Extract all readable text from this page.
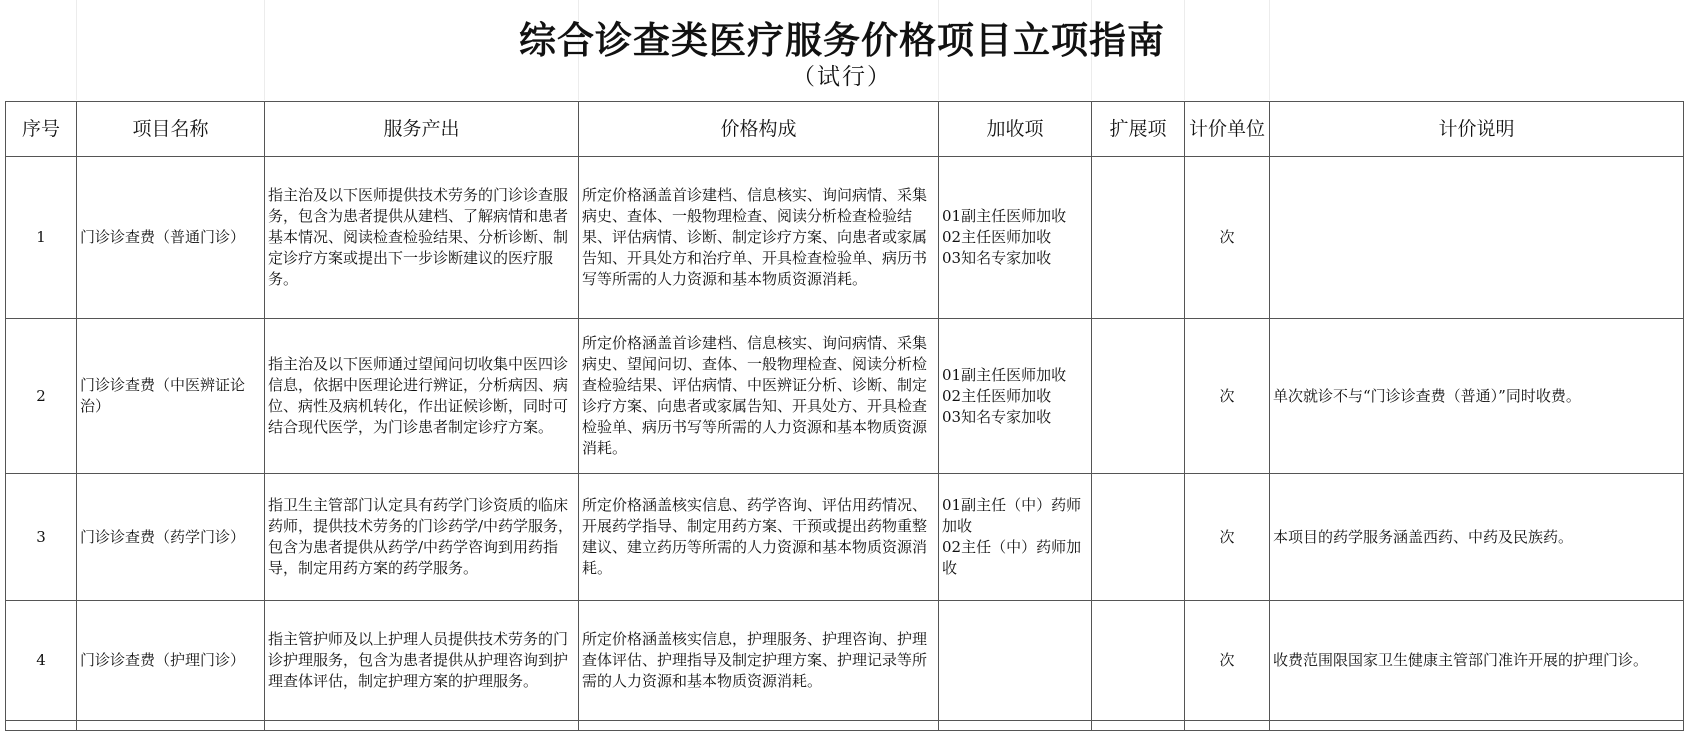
综合诊查类医疗服务价格项目立项指南
（试行）
序号	项目名称	服务产出	价格构成	加收项	扩展项	计价单位	计价说明
1	门诊诊查费（普通门诊）	指主治及以下医师提供技术劳务的门诊诊查服务，包含为患者提供从建档、了解病情和患者基本情况、阅读检查检验结果、分析诊断、制定诊疗方案或提出下一步诊断建议的医疗服务。	所定价格涵盖首诊建档、信息核实、询问病情、采集病史、查体、一般物理检查、阅读分析检查检验结果、评估病情、诊断、制定诊疗方案、向患者或家属告知、开具处方和治疗单、开具检查检验单、病历书写等所需的人力资源和基本物质资源消耗。	01副主任医师加收
02主任医师加收
03知名专家加收		次	
2	门诊诊查费（中医辨证论治）	指主治及以下医师通过望闻问切收集中医四诊信息，依据中医理论进行辨证，分析病因、病位、病性及病机转化，作出证候诊断，同时可结合现代医学，为门诊患者制定诊疗方案。	所定价格涵盖首诊建档、信息核实、询问病情、采集病史、望闻问切、查体、一般物理检查、阅读分析检查检验结果、评估病情、中医辨证分析、诊断、制定诊疗方案、向患者或家属告知、开具处方、开具检查检验单、病历书写等所需的人力资源和基本物质资源消耗。	01副主任医师加收
02主任医师加收
03知名专家加收		次	单次就诊不与“门诊诊查费（普通）”同时收费。
3	门诊诊查费（药学门诊）	指卫生主管部门认定具有药学门诊资质的临床药师，提供技术劳务的门诊药学/中药学服务，包含为患者提供从药学/中药学咨询到用药指导，制定用药方案的药学服务。	所定价格涵盖核实信息、药学咨询、评估用药情况、开展药学指导、制定用药方案、干预或提出药物重整建议、建立药历等所需的人力资源和基本物质资源消耗。	01副主任（中）药师加收
02主任（中）药师加收		次	本项目的药学服务涵盖西药、中药及民族药。
4	门诊诊查费（护理门诊）	指主管护师及以上护理人员提供技术劳务的门诊护理服务，包含为患者提供从护理咨询到护理查体评估，制定护理方案的护理服务。	所定价格涵盖核实信息，护理服务、护理咨询、护理查体评估、护理指导及制定护理方案、护理记录等所需的人力资源和基本物质资源消耗。			次	收费范围限国家卫生健康主管部门准许开展的护理门诊。
